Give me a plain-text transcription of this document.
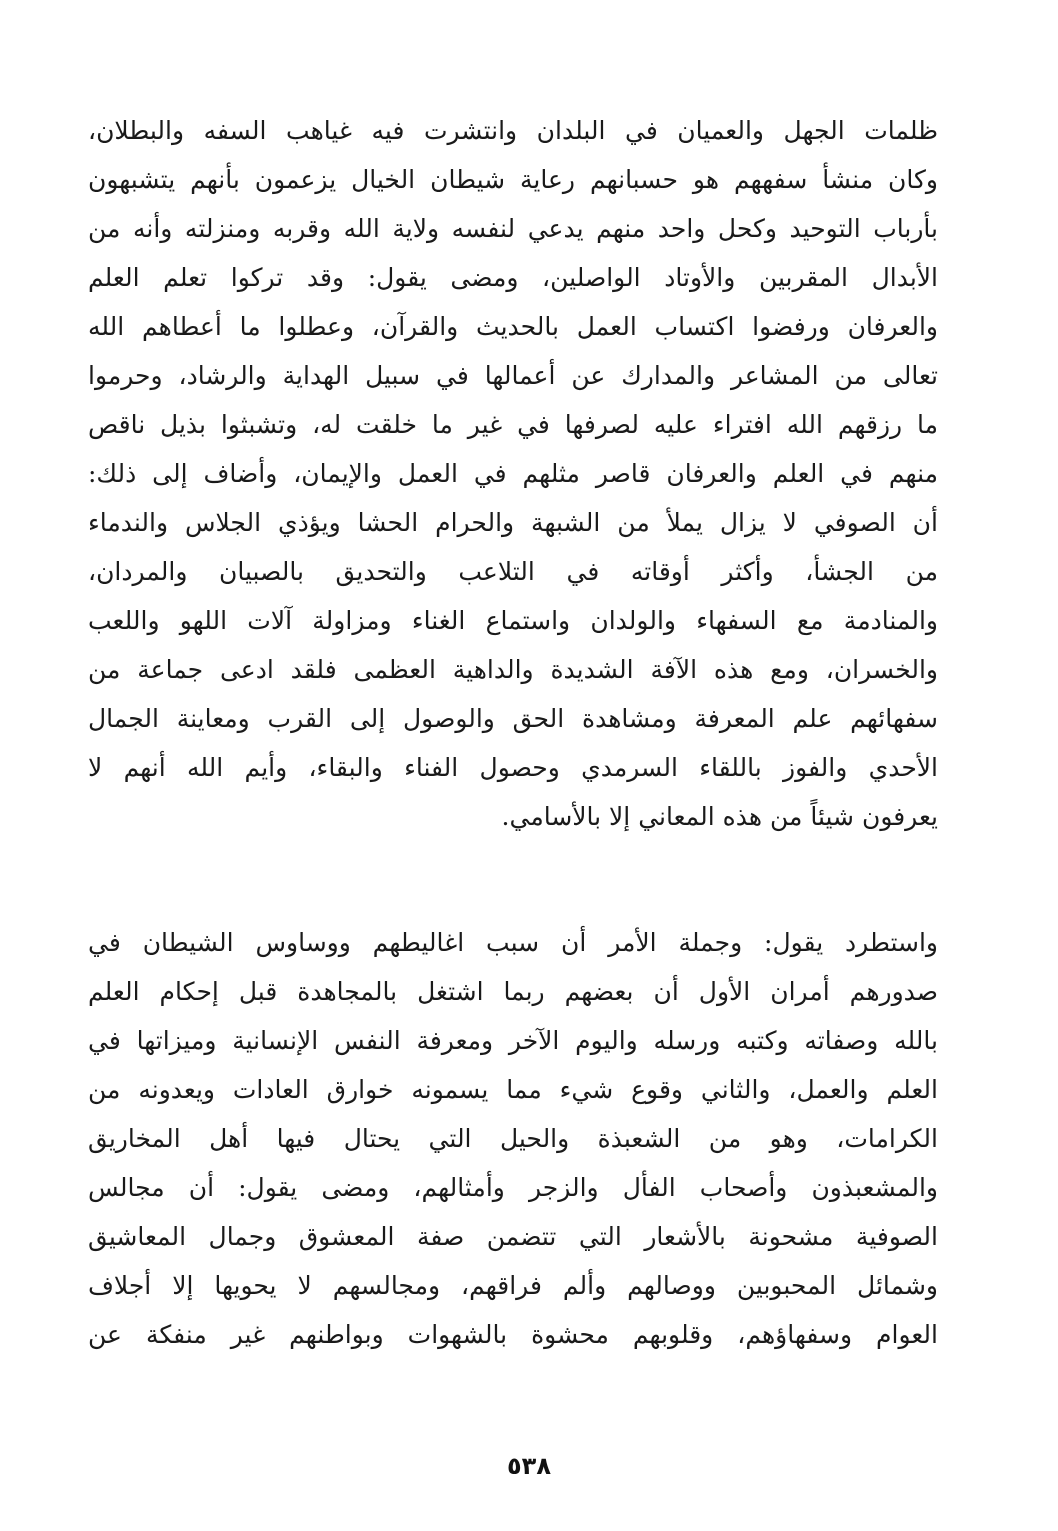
ظلمات الجهل والعميان في البلدان وانتشرت فيه غياهب السفه والبطلان،
وكان منشأ سفههم هو حسبانهم رعاية شيطان الخيال يزعمون بأنهم يتشبهون
بأرباب التوحيد وكحل واحد منهم يدعي لنفسه ولاية الله وقربه ومنزلته وأنه من
الأبدال المقربين والأوتاد الواصلين، ومضى يقول: وقد تركوا تعلم العلم
والعرفان ورفضوا اكتساب العمل بالحديث والقرآن، وعطلوا ما أعطاهم الله
تعالى من المشاعر والمدارك عن أعمالها في سبيل الهداية والرشاد، وحرموا
ما رزقهم الله افتراء عليه لصرفها في غير ما خلقت له، وتشبثوا بذيل ناقص
منهم في العلم والعرفان قاصر مثلهم في العمل والإيمان، وأضاف إلى ذلك:
أن الصوفي لا يزال يملأ من الشبهة والحرام الحشا ويؤذي الجلاس والندماء
من الجشأ، وأكثر أوقاته في التلاعب والتحديق بالصبيان والمردان،
والمنادمة مع السفهاء والولدان واستماع الغناء ومزاولة آلات اللهو واللعب
والخسران، ومع هذه الآفة الشديدة والداهية العظمى فلقد ادعى جماعة من
سفهائهم علم المعرفة ومشاهدة الحق والوصول إلى القرب ومعاينة الجمال
الأحدي والفوز باللقاء السرمدي وحصول الفناء والبقاء، وأيم الله أنهم لا
يعرفون شيئاً من هذه المعاني إلا بالأسامي.
واستطرد يقول: وجملة الأمر أن سبب اغاليطهم ووساوس الشيطان في
صدورهم أمران الأول أن بعضهم ربما اشتغل بالمجاهدة قبل إحكام العلم
بالله وصفاته وكتبه ورسله واليوم الآخر ومعرفة النفس الإنسانية وميزاتها في
العلم والعمل، والثاني وقوع شيء مما يسمونه خوارق العادات ويعدونه من
الكرامات، وهو من الشعبذة والحيل التي يحتال فيها أهل المخاريق
والمشعبذون وأصحاب الفأل والزجر وأمثالهم، ومضى يقول: أن مجالس
الصوفية مشحونة بالأشعار التي تتضمن صفة المعشوق وجمال المعاشيق
وشمائل المحبوبين ووصالهم وألم فراقهم، ومجالسهم لا يحويها إلا أجلاف
العوام وسفهاؤهم، وقلوبهم محشوة بالشهوات وبواطنهم غير منفكة عن
٥٣٨
